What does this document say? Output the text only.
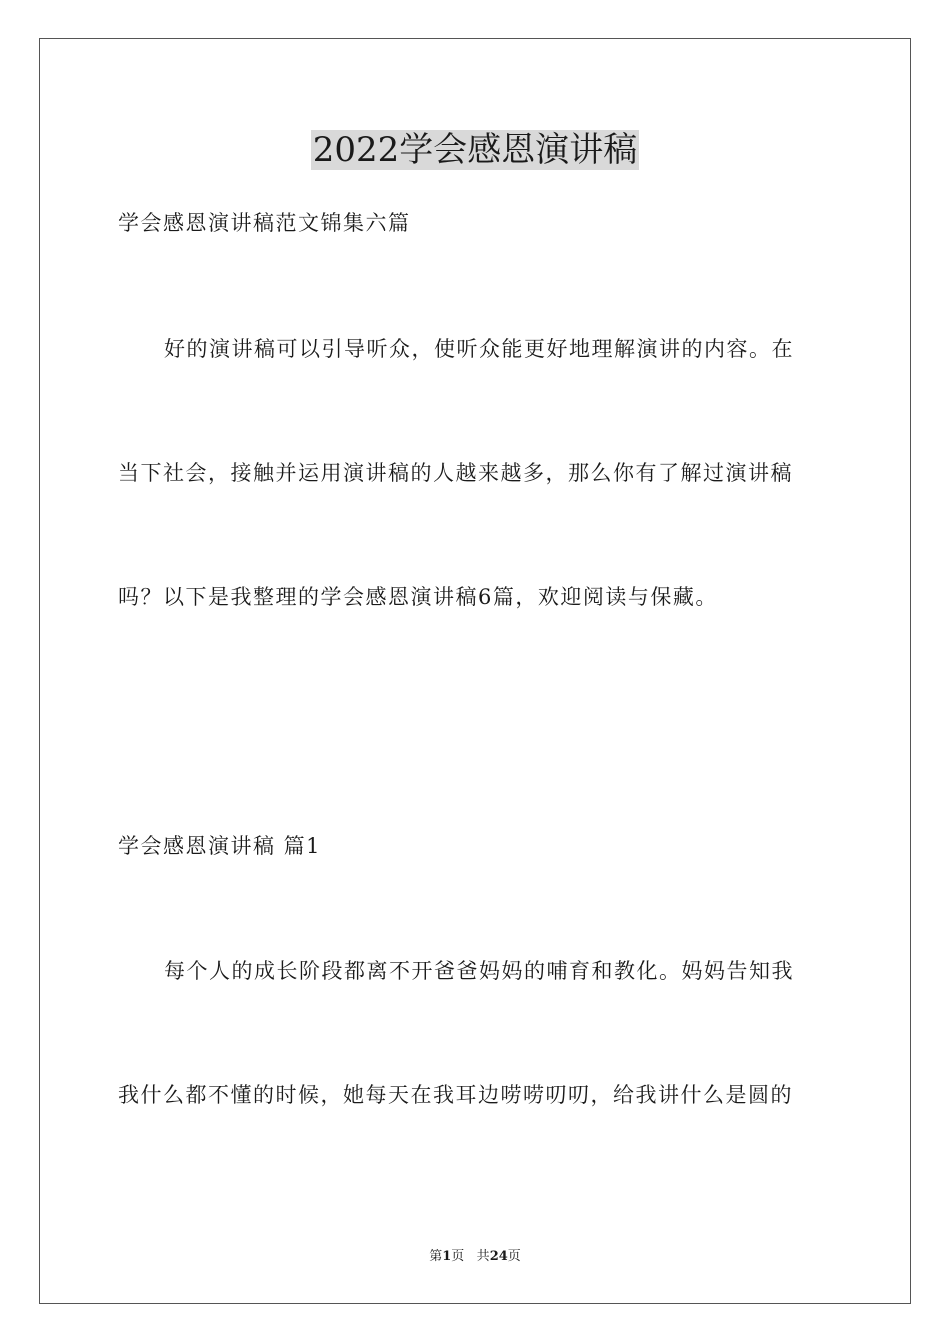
2022学会感恩演讲稿
学会感恩演讲稿范文锦集六篇
好的演讲稿可以引导听众，使听众能更好地理解演讲的内容。在
当下社会，接触并运用演讲稿的人越来越多，那么你有了解过演讲稿
吗？以下是我整理的学会感恩演讲稿6篇，欢迎阅读与保藏。
学会感恩演讲稿 篇1
每个人的成长阶段都离不开爸爸妈妈的哺育和教化。妈妈告知我
我什么都不懂的时候，她每天在我耳边唠唠叨叨，给我讲什么是圆的
第1页 共24页
